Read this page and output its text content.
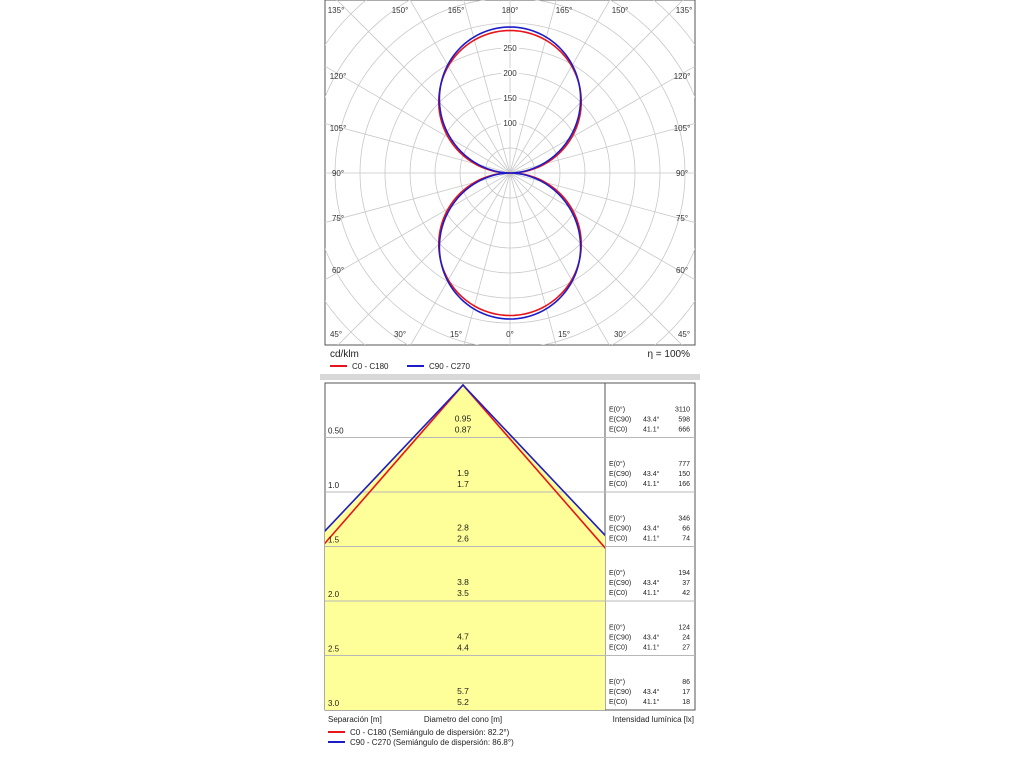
135°	150°	165°	180°	165°	150°	135°
45°	30°	15°	0°	15°	30°	45°
120°
105°
90°
75°
60°
120°
105°
90°
75°
60°
100
150
200
250
cd/klm	η = 100%
C0 - C180	C90 - C270
0.50
0.95
0.87
E(0°)	3110
E(C90) 43.4°	598
E(C0) 41.1°	666
1.0
1.9
1.7
E(0°)	777
E(C90) 43.4°	150
E(C0) 41.1°	166
1.5
2.8
2.6
E(0°)	346
E(C90) 43.4°	66
E(C0) 41.1°	74
2.0
3.8
3.5
E(0°)	194
E(C90) 43.4°	37
E(C0) 41.1°	42
2.5
4.7
4.4
E(0°)	124
E(C90) 43.4°	24
E(C0) 41.1°	27
3.0
5.7
5.2
E(0°)	86
E(C90) 43.4°	17
E(C0) 41.1°	18
Separación [m]	Diametro del cono [m]	Intensidad lumínica [lx]
C0 - C180 (Semiángulo de dispersión: 82.2°)
C90 - C270 (Semiángulo de dispersión: 86.8°)
